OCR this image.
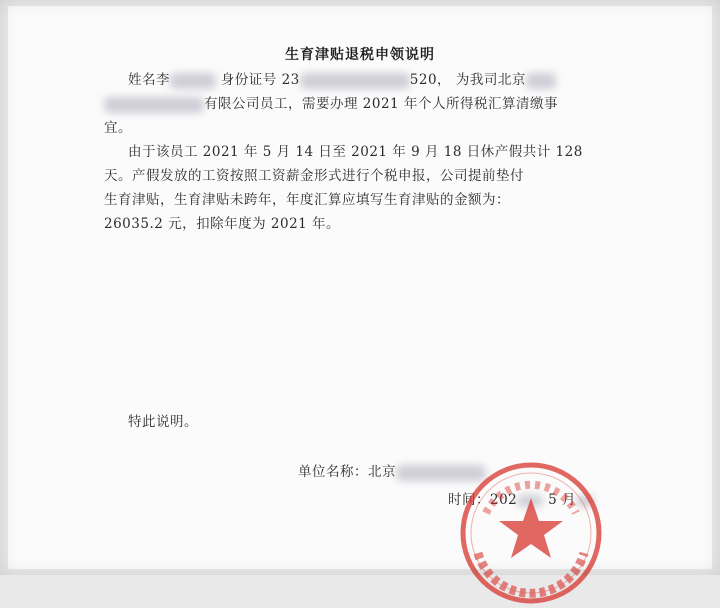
生育津贴退税申领说明
姓名李	身份证号 23	520， 为我司北京
有限公司员工，需要办理 2021 年个人所得税汇算清缴事
宜。
由于该员工 2021 年 5 月 14 日至 2021 年 9 月 18 日休产假共计 128
天。产假发放的工资按照工资薪金形式进行个税申报，公司提前垫付
生育津贴，生育津贴未跨年，年度汇算应填写生育津贴的金额为：
26035.2 元，扣除年度为 2021 年。
特此说明。
单位名称：北京
时间：202 5 月
